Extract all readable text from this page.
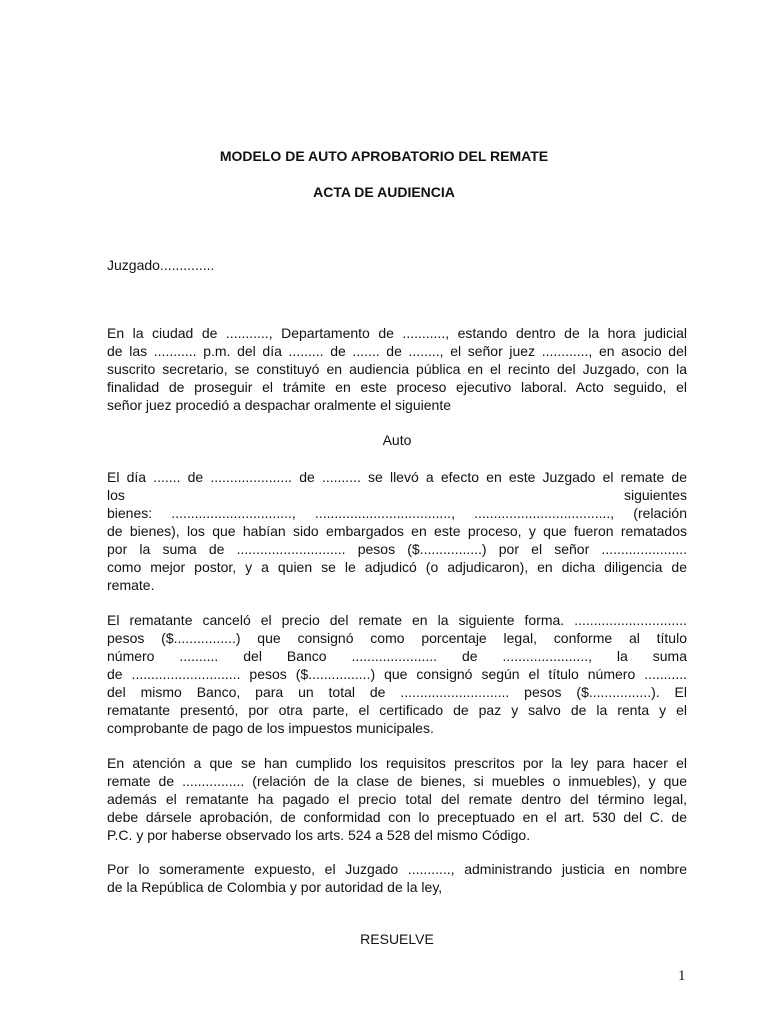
MODELO DE AUTO APROBATORIO DEL REMATE

ACTA DE AUDIENCIA

Juzgado..............

En la ciudad de ..........., Departamento de ..........., estando dentro de la hora judicial
de las ........... p.m. del día ......... de ....... de ........, el señor juez ............, en asocio del
suscrito secretario, se constituyó en audiencia pública en el recinto del Juzgado, con la
finalidad de proseguir el trámite en este proceso ejecutivo laboral. Acto seguido, el
señor juez procedió a despachar oralmente el siguiente

Auto

El día ....... de ..................... de .......... se llevó a efecto en este Juzgado el remate de
los siguientes
bienes: ..............................., ..................................., ..................................., (relación
de bienes), los que habían sido embargados en este proceso, y que fueron rematados
por la suma de ............................ pesos ($................) por el señor ......................
como mejor postor, y a quien se le adjudicó (o adjudicaron), en dicha diligencia de
remate.
El rematante canceló el precio del remate en la siguiente forma. .............................
pesos ($................) que consignó como porcentaje legal, conforme al título
número .......... del Banco ...................... de ......................, la suma
de ............................ pesos ($................) que consignó según el título número ...........
del mismo Banco, para un total de ............................ pesos ($................). El
rematante presentó, por otra parte, el certificado de paz y salvo de la renta y el
comprobante de pago de los impuestos municipales.
En atención a que se han cumplido los requisitos prescritos por la ley para hacer el
remate de ................ (relación de la clase de bienes, si muebles o inmuebles), y que
además el rematante ha pagado el precio total del remate dentro del término legal,
debe dársele aprobación, de conformidad con lo preceptuado en el art. 530 del C. de
P.C. y por haberse observado los arts. 524 a 528 del mismo Código.
Por lo someramente expuesto, el Juzgado ..........., administrando justicia en nombre
de la República de Colombia y por autoridad de la ley,

RESUELVE

1
